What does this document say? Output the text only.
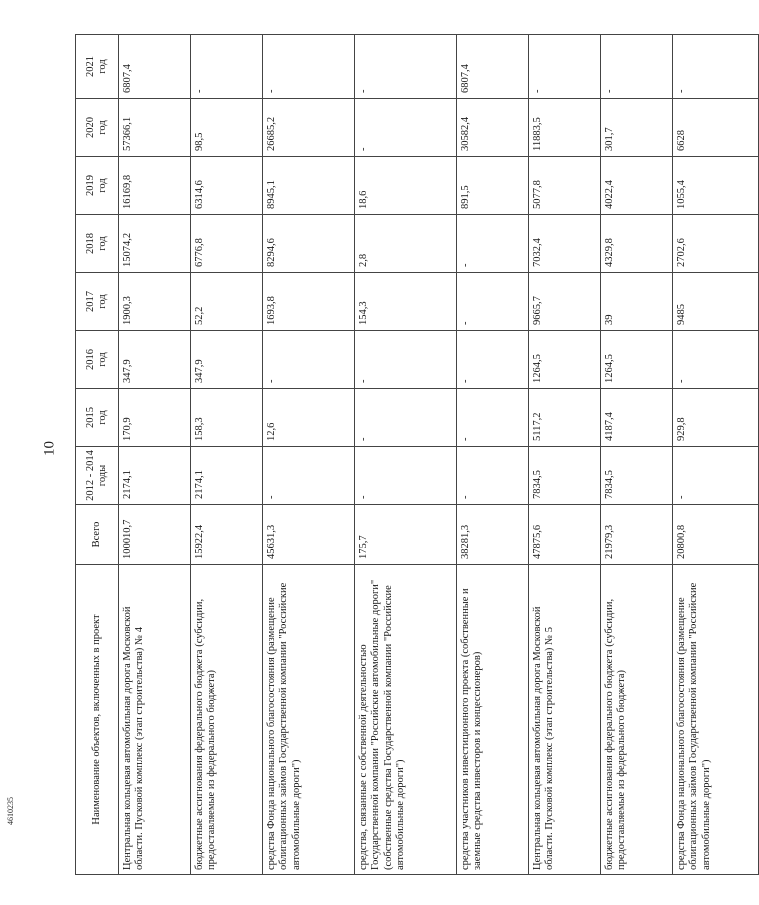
10
4610235	Наименование объектов, включенных в проект	Всего	2012 - 2014 годы	2015 год	2016 год	2017 год	2018 год	2019 год	2020 год	2021 год

Центральная кольцевая автомобильная дорога Московской области. Пусковой комплекс (этап строительства) № 4	100010,7	2174,1	170,9	347,9	1900,3	15074,2	16169,8	57366,1	6807,4
бюджетные ассигнования федерального бюджета (субсидии, предоставляемые из федерального бюджета)	15922,4	2174,1	158,3	347,9	52,2	6776,8	6314,6	98,5	-
средства Фонда национального благосостояния (размещение облигационных займов Государственной компании "Российские автомобильные дороги")	45631,3	-	12,6	-	1693,8	8294,6	8945,1	26685,2	-
средства, связанные с собственной деятельностью Государственной компании "Российские автомобильные дороги" (собственные средства Государственной компании "Российские автомобильные дороги")	175,7	-	-	-	154,3	2,8	18,6	-	-
средства участников инвестиционного проекта (собственные и заемные средства инвесторов и концессионеров)	38281,3	-	-	-	-	-	891,5	30582,4	6807,4
Центральная кольцевая автомобильная дорога Московской области. Пусковой комплекс (этап строительства) № 5	47875,6	7834,5	5117,2	1264,5	9665,7	7032,4	5077,8	11883,5	-
бюджетные ассигнования федерального бюджета (субсидии, предоставляемые из федерального бюджета)	21979,3	7834,5	4187,4	1264,5	39	4329,8	4022,4	301,7	-
средства Фонда национального благосостояния (размещение облигационных займов Государственной компании "Российские автомобильные дороги")	20800,8	-	929,8	-	9485	2702,6	1055,4	6628	-
